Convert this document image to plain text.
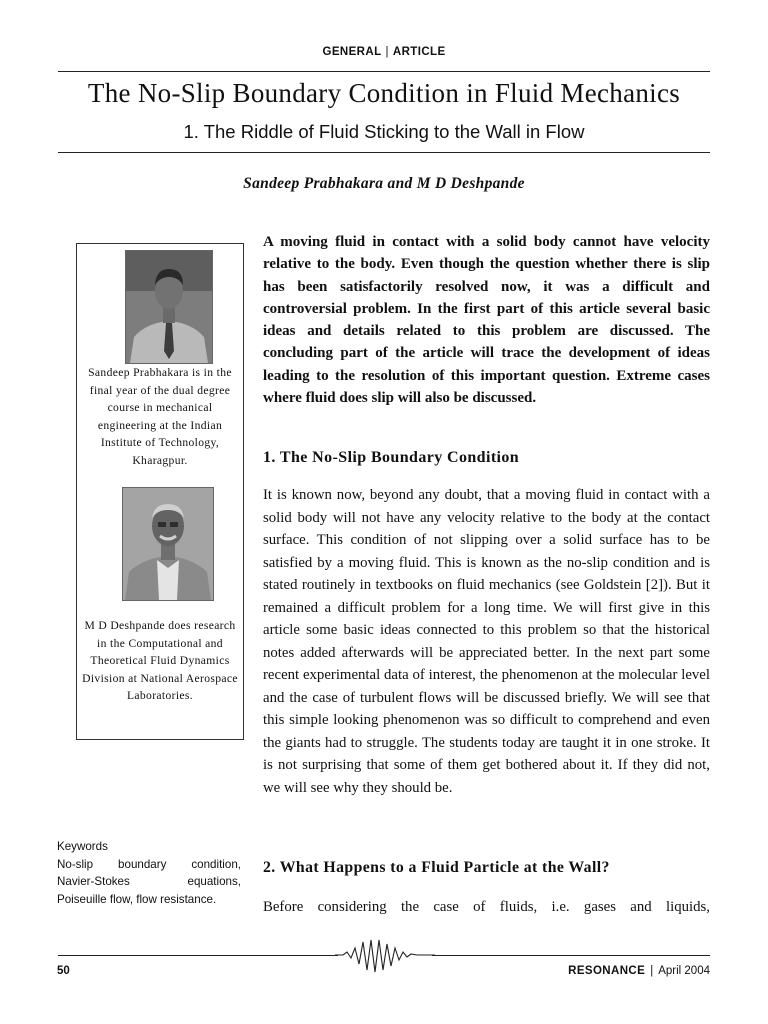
GENERAL | ARTICLE
The No-Slip Boundary Condition in Fluid Mechanics
1. The Riddle of Fluid Sticking to the Wall in Flow
Sandeep Prabhakara and M D Deshpande
Sandeep Prabhakara is in the final year of the dual degree course in mechanical engineering at the Indian Institute of Technology, Kharagpur.
M D Deshpande does research in the Computational and Theoretical Fluid Dynamics Division at National Aerospace Laboratories.
Keywords
No-slip boundary condition,
Navier-Stokes equations,
Poiseuille flow, flow resistance.
A moving fluid in contact with a solid body cannot have velocity relative to the body. Even though the question whether there is slip has been satisfactorily resolved now, it was a difficult and controversial problem. In the first part of this article several basic ideas and details related to this problem are discussed. The concluding part of the article will trace the development of ideas leading to the resolution of this important question. Extreme cases where fluid does slip will also be discussed.
1. The No-Slip Boundary Condition
It is known now, beyond any doubt, that a moving fluid in contact with a solid body will not have any velocity relative to the body at the contact surface. This condition of not slipping over a solid surface has to be satisfied by a moving fluid. This is known as the no-slip condition and is stated routinely in textbooks on fluid mechanics (see Goldstein [2]). But it remained a difficult problem for a long time. We will first give in this article some basic ideas connected to this problem so that the historical notes added afterwards will be appreciated better. In the next part some recent experimental data of interest, the phenomenon at the molecular level and the case of turbulent flows will be discussed briefly. We will see that this simple looking phenomenon was so difficult to comprehend and even the giants had to struggle. The students today are taught it in one stroke. It is not surprising that some of them get bothered about it. If they did not, we will see why they should be.
2. What Happens to a Fluid Particle at the Wall?
Before considering the case of fluids, i.e. gases and liquids,
50	RESONANCE | April 2004
